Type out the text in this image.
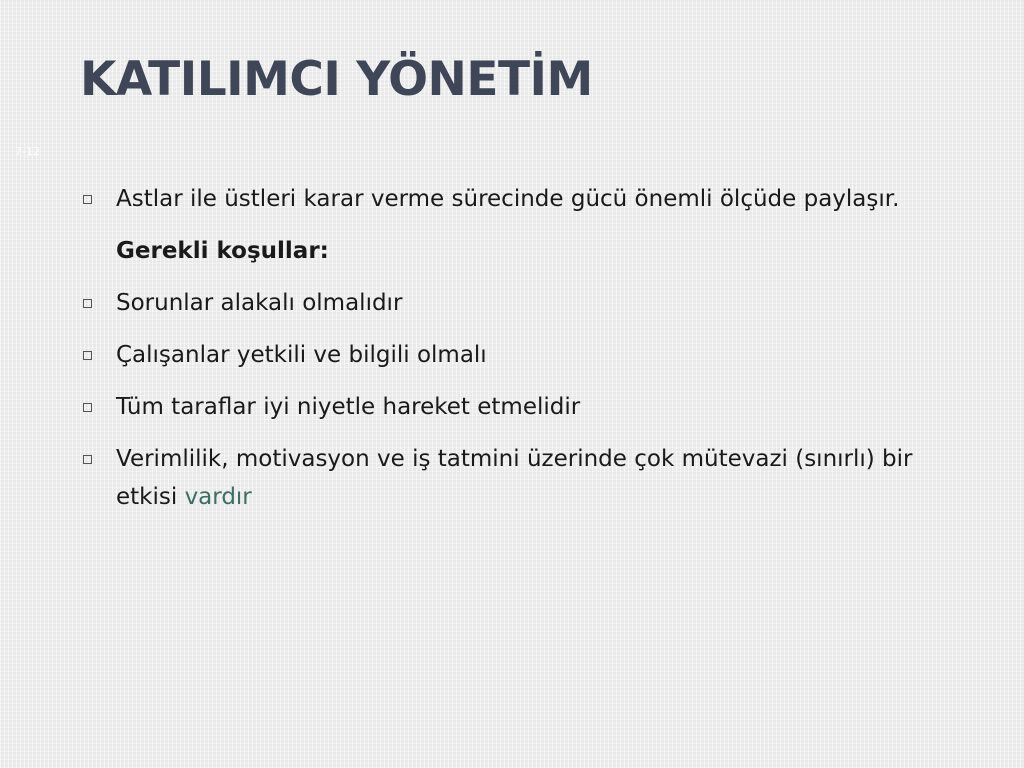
KATILIMCI YÖNETİM
7-12
Astlar ile üstleri karar verme sürecinde gücü önemli ölçüde paylaşır.
Gerekli koşullar:
Sorunlar alakalı olmalıdır
Çalışanlar yetkili ve bilgili olmalı
Tüm taraflar iyi niyetle hareket etmelidir
Verimlilik, motivasyon ve iş tatmini üzerinde çok mütevazi (sınırlı) bir etkisi vardır
